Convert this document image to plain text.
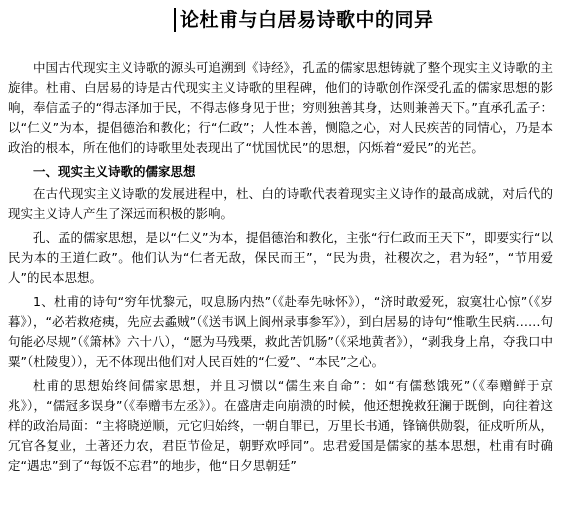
论杜甫与白居易诗歌中的同异

中国古代现实主义诗歌的源头可追溯到《诗经》，孔孟的儒家思想铸就了整个现实主义诗歌的主旋律。杜甫、白居易的诗是古代现实主义诗歌的里程碑，他们的诗歌创作深受孔孟的儒家思想的影响，奉信孟子的“得志泽加于民，不得志修身见于世；穷则独善其身，达则兼善天下。”直承孔孟子：以“仁义”为本，提倡德治和教化；行“仁政”；人性本善，恻隐之心，对人民疾苦的同情心，乃是本政治的根本，所在他们的诗歌里处表现出了“忧国忧民”的思想，闪烁着“爱民”的光芒。

一、现实主义诗歌的儒家思想

在古代现实主义诗歌的发展进程中，杜、白的诗歌代表着现实主义诗作的最高成就，对后代的现实主义诗人产生了深远而积极的影响。

孔、孟的儒家思想，是以“仁义”为本，提倡德治和教化，主张“行仁政而王天下”，即要实行“以民为本的王道仁政”。他们认为“仁者无敌，保民而王”，“民为贵，社稷次之，君为轻”，“节用爱人”的民本思想。

1、杜甫的诗句“穷年忧黎元，叹息肠内热”（《赴奉先咏怀》），“济时敢爱死，寂寞壮心惊”（《岁暮》），“必若救疮痍，先应去蟊贼”（《送韦讽上阆州录事参军》），到白居易的诗句“惟歌生民病……句句能必尽规”（《箫林》六十八），“愿为马残栗，救此苦饥肠”（《采地黄者》），“剥我身上帛，夺我口中粟”（杜陵叟）），无不体现出他们对人民百姓的“仁爱”、“本民”之心。

杜甫的思想始终间儒家思想，并且习惯以“儒生来自命”：如“有儒愁饿死”（《奉赠鲜于京兆》），“儒冠多误身”（《奉赠韦左丞》）。在盛唐走向崩溃的时候，他还想挽救狂澜于既倒，向往着这样的政治局面：“主将晓逆顺，元它归始终，一朝自罪已，万里长书通，锋镝供勋裂，征戍听所从，冗官各复业，土著还力农，君臣节俭足，朝野欢呼同”。忠君爱国是儒家的基本思想，杜甫有时确定“遇忠”到了“每饭不忘君”的地步，他“日夕思朝廷”
